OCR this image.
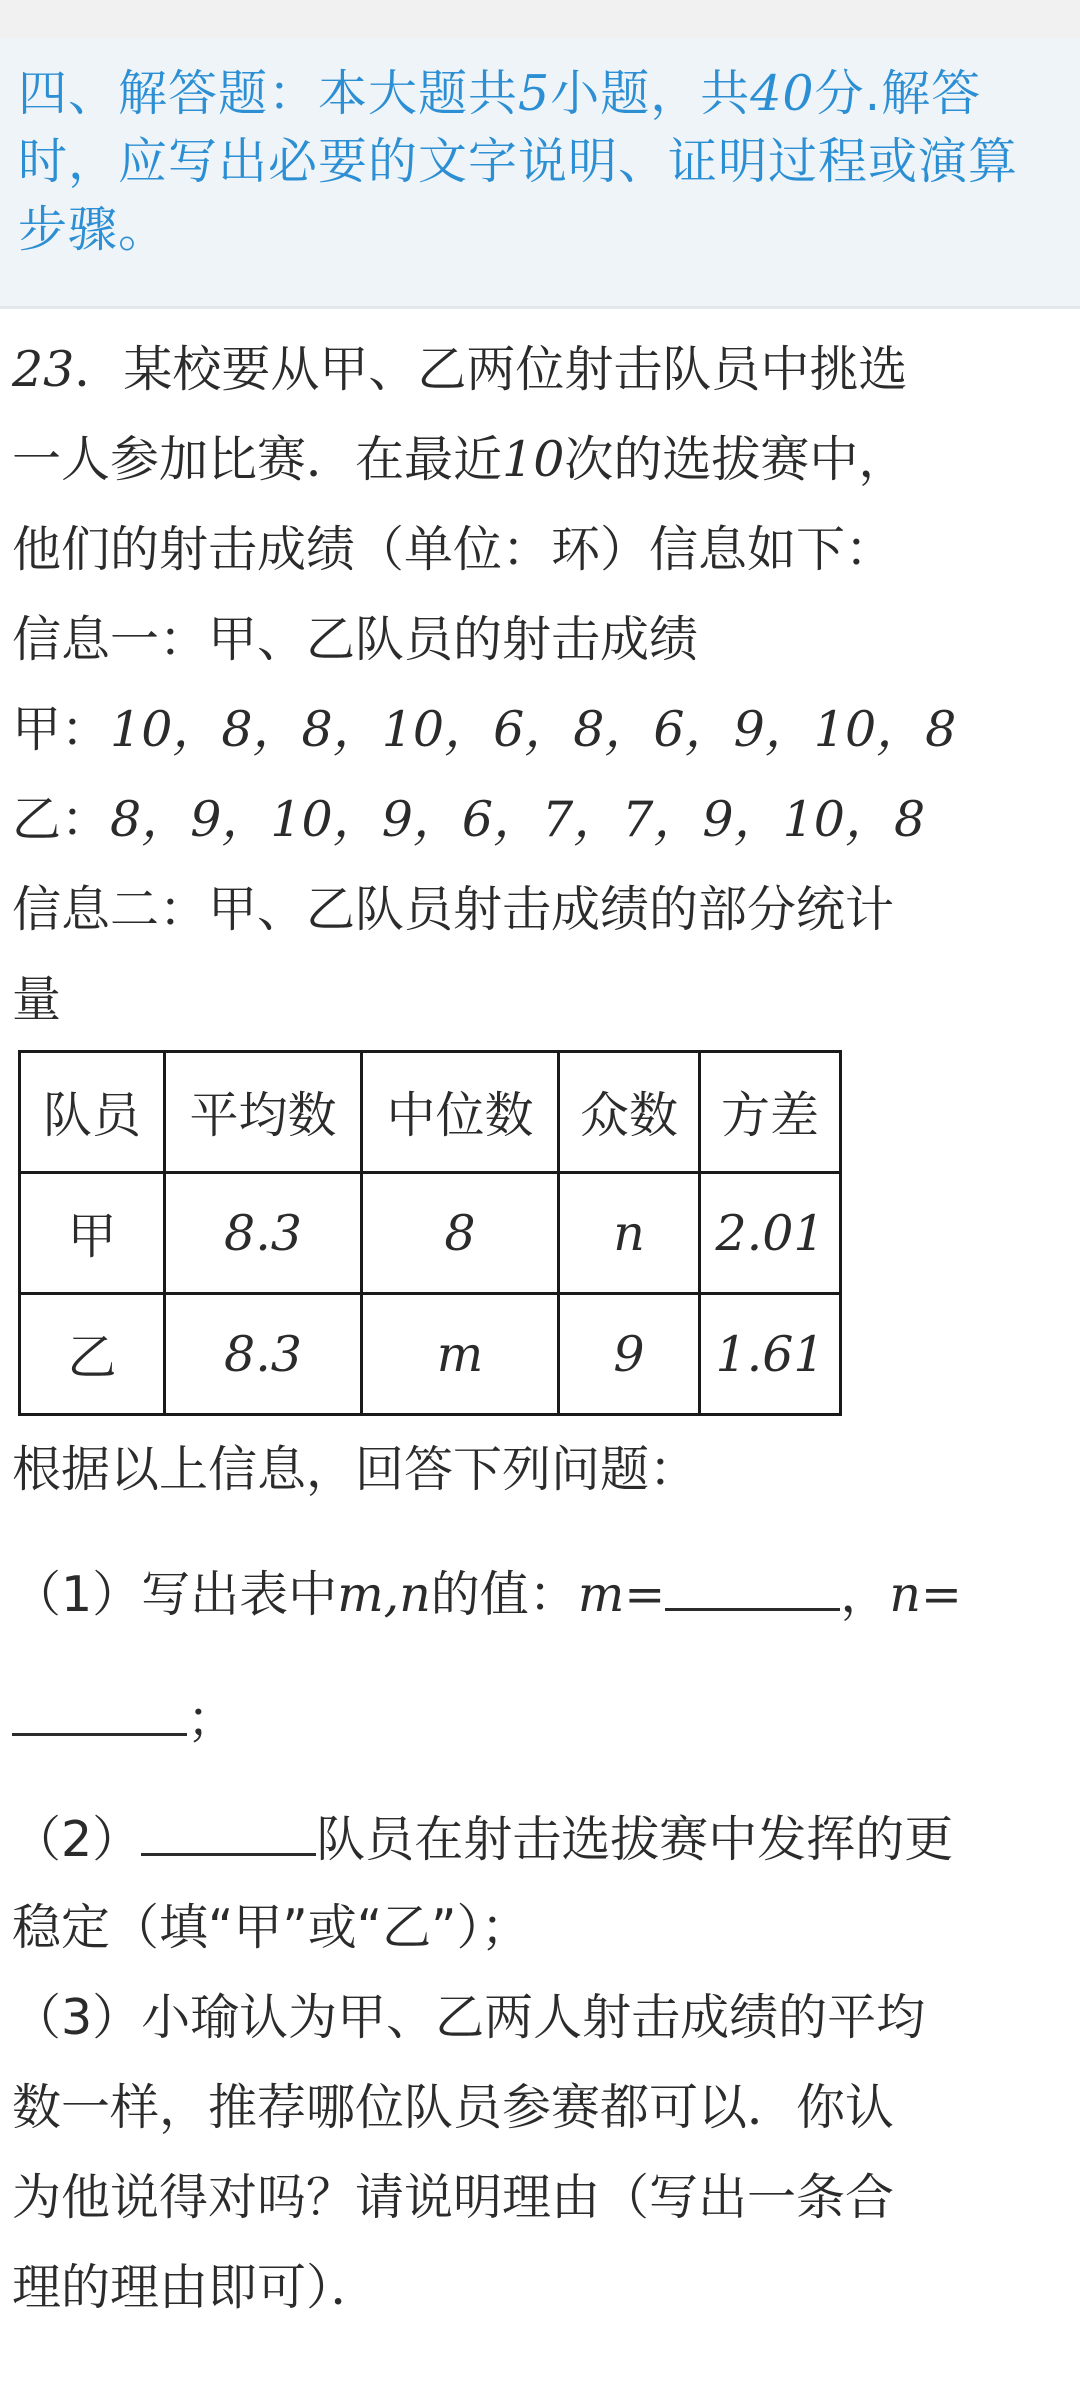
四、解答题：本大题共5小题，共40分.解答时，应写出必要的文字说明、证明过程或演算步骤。
23．某校要从甲、乙两位射击队员中挑选
一人参加比赛．在最近10次的选拔赛中，
他们的射击成绩（单位：环）信息如下：
信息一：甲、乙队员的射击成绩
甲：10，8，8，10，6，8，6，9，10，8
乙：8，9，10，9，6，7，7，9，10，8
信息二：甲、乙队员射击成绩的部分统计
量
队员	平均数	中位数	众数	方差
甲	8.3	8	n	2.01
乙	8.3	m	9	1.61
根据以上信息，回答下列问题：
（1）写出表中m,n的值：m=	，n=
；
（2）	队员在射击选拔赛中发挥的更
稳定（填“甲”或“乙”）；
（3）小瑜认为甲、乙两人射击成绩的平均
数一样，推荐哪位队员参赛都可以．你认
为他说得对吗？请说明理由（写出一条合
理的理由即可）．
